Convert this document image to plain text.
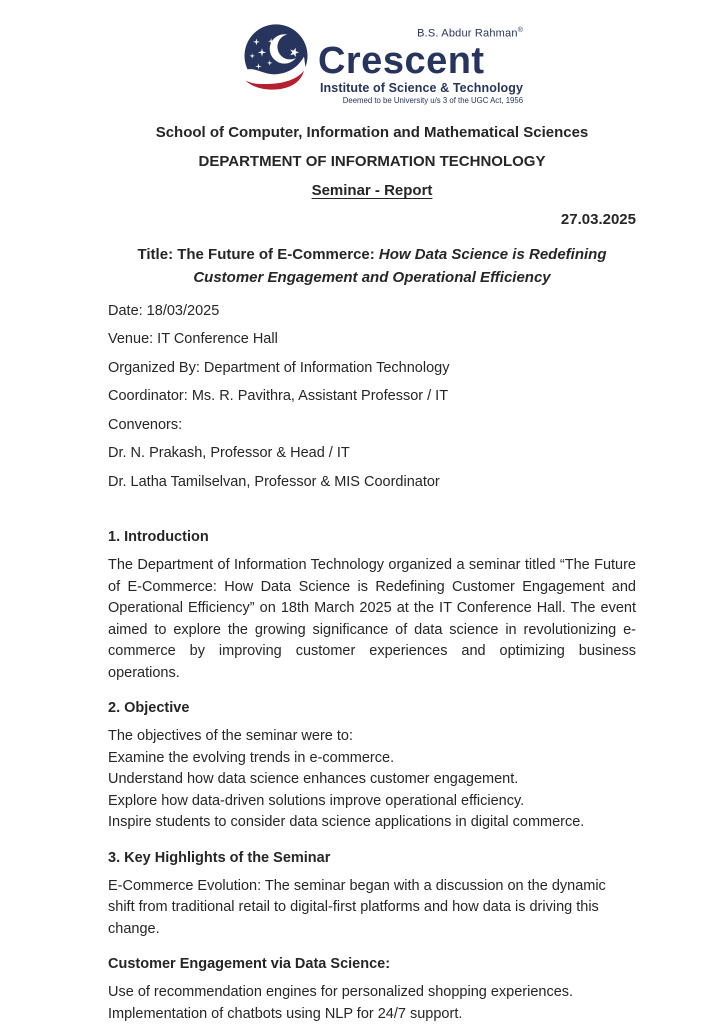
B.S. Abdur Rahman®
Crescent
Institute of Science & Technology
Deemed to be University u/s 3 of the UGC Act, 1956
School of Computer, Information and Mathematical Sciences
DEPARTMENT OF INFORMATION TECHNOLOGY
Seminar - Report
27.03.2025
Title: The Future of E-Commerce: How Data Science is Redefining
Customer Engagement and Operational Efficiency
Date: 18/03/2025
Venue: IT Conference Hall
Organized By: Department of Information Technology
Coordinator: Ms. R. Pavithra, Assistant Professor / IT
Convenors:
Dr. N. Prakash, Professor & Head / IT
Dr. Latha Tamilselvan, Professor & MIS Coordinator
1. Introduction

The Department of Information Technology organized a seminar titled “The Future of E-Commerce: How Data Science is Redefining Customer Engagement and Operational Efficiency” on 18th March 2025 at the IT Conference Hall. The event aimed to explore the growing significance of data science in revolutionizing e-commerce by improving customer experiences and optimizing business operations.

2. Objective
The objectives of the seminar were to:
Examine the evolving trends in e-commerce.
Understand how data science enhances customer engagement.
Explore how data-driven solutions improve operational efficiency.
Inspire students to consider data science applications in digital commerce.
3. Key Highlights of the Seminar

E-Commerce Evolution: The seminar began with a discussion on the dynamic shift from traditional retail to digital-first platforms and how data is driving this change.

Customer Engagement via Data Science:
Use of recommendation engines for personalized shopping experiences.
Implementation of chatbots using NLP for 24/7 support.
